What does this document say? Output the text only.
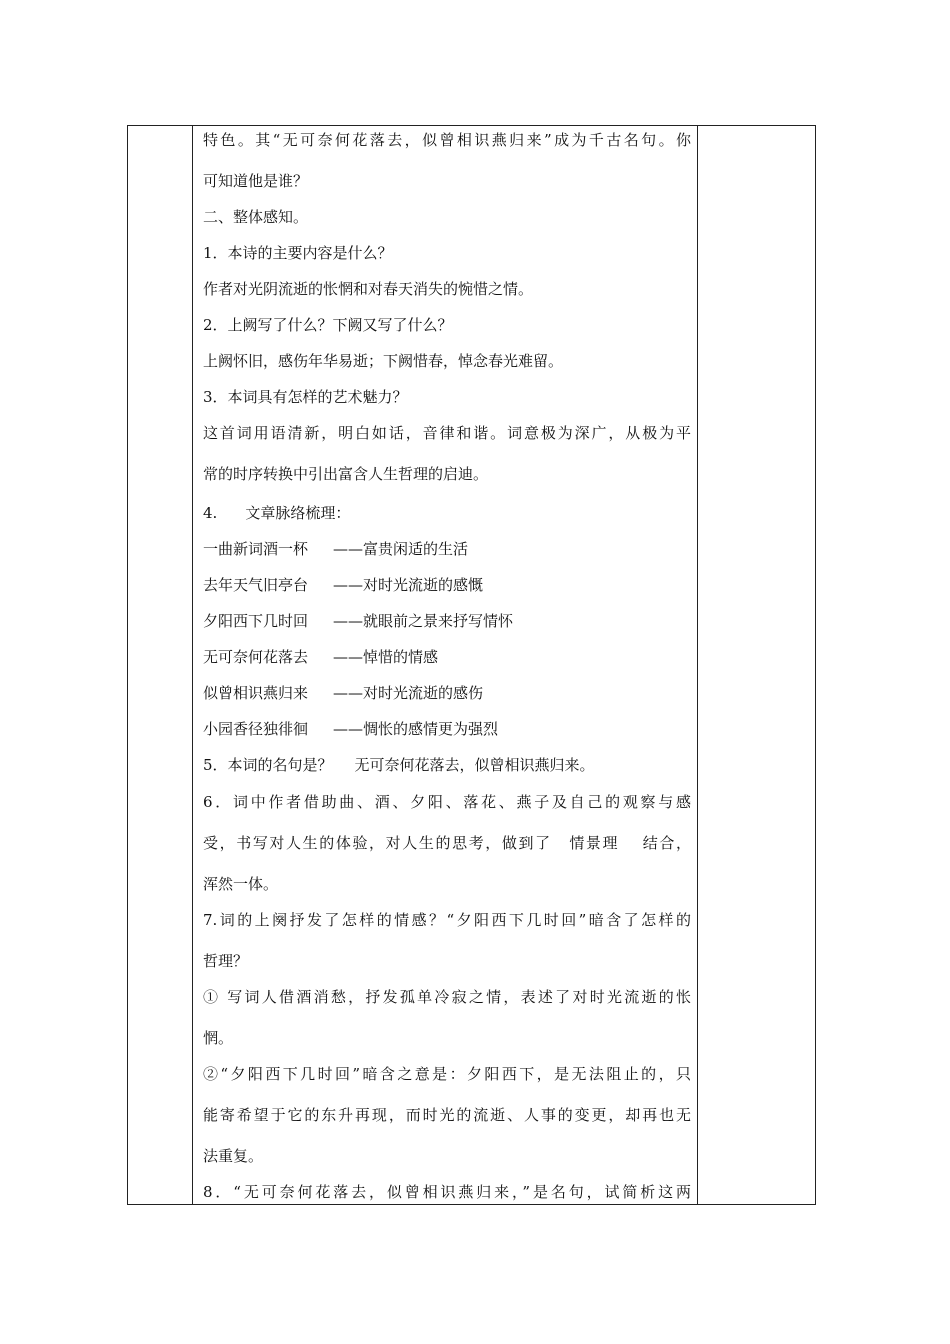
特色。其“无可奈何花落去，似曾相识燕归来”成为千古名句。你
可知道他是谁？
二、整体感知。
1．本诗的主要内容是什么？
作者对光阴流逝的怅惘和对春天消失的惋惜之情。
2．上阙写了什么？下阙又写了什么？
上阙怀旧，感伤年华易逝；下阙惜春，悼念春光难留。
3．本词具有怎样的艺术魅力？
这首词用语清新，明白如话，音律和谐。词意极为深广，从极为平
常的时序转换中引出富含人生哲理的启迪。
4. 文章脉络梳理：
一曲新词酒一杯 ——富贵闲适的生活
去年天气旧亭台 ——对时光流逝的感慨
夕阳西下几时回 ——就眼前之景来抒写情怀
无可奈何花落去 ——悼惜的情感
似曾相识燕归来 ——对时光流逝的感伤
小园香径独徘徊 ——惆怅的感情更为强烈
5．本词的名句是？ 无可奈何花落去，似曾相识燕归来。
6．词中作者借助曲、酒、夕阳、落花、燕子及自己的观察与感
受，书写对人生的体验，对人生的思考，做到了 情景理 结合，
浑然一体。
7.词的上阕抒发了怎样的情感？“夕阳西下几时回”暗含了怎样的
哲理？
① 写词人借酒消愁，抒发孤单冷寂之情，表述了对时光流逝的怅
惘。
②“夕阳西下几时回”暗含之意是：夕阳西下，是无法阻止的，只
能寄希望于它的东升再现，而时光的流逝、人事的变更，却再也无
法重复。
8．“无可奈何花落去，似曾相识燕归来，”是名句，试简析这两
